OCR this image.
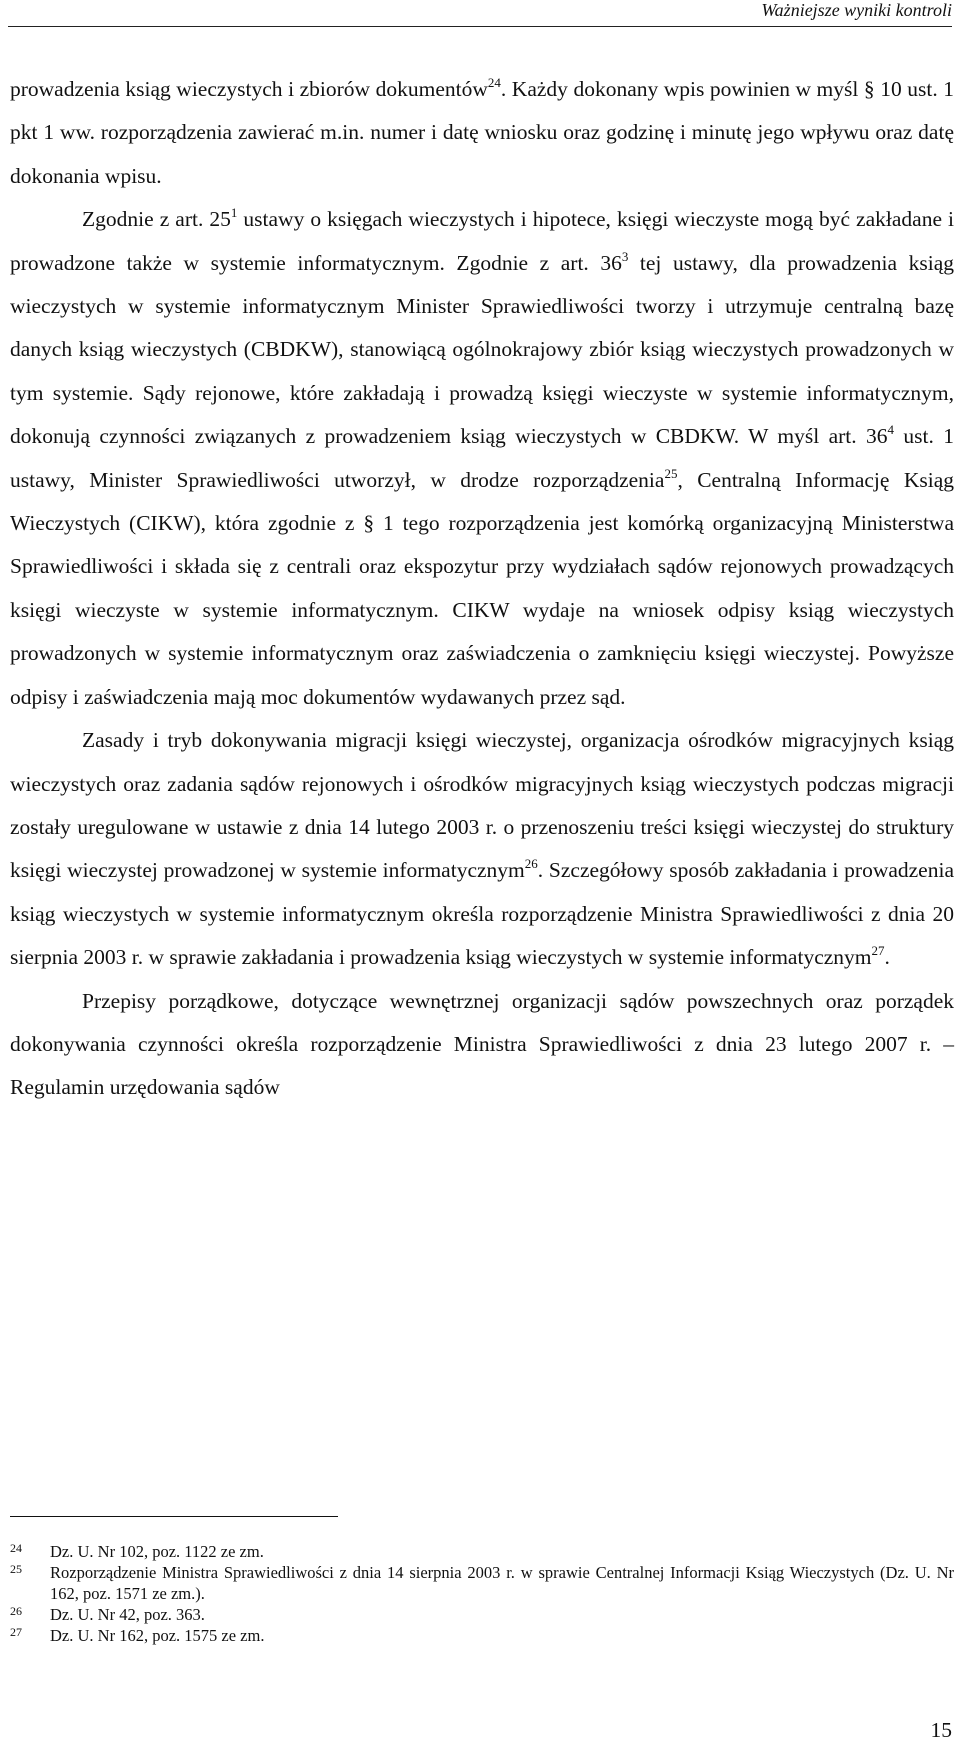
Ważniejsze wyniki kontroli

prowadzenia ksiąg wieczystych i zbiorów dokumentów$^{24}$. Każdy dokonany wpis powinien w myśl § 10 ust. 1 pkt 1 ww. rozporządzenia zawierać m.in. numer i datę wniosku oraz godzinę i minutę jego wpływu oraz datę dokonania wpisu.

Zgodnie z art. $25^1$ ustawy o księgach wieczystych i hipotece, księgi wieczyste mogą być zakładane i prowadzone także w systemie informatycznym. Zgodnie z art. $36^3$ tej ustawy, dla prowadzenia ksiąg wieczystych w systemie informatycznym Minister Sprawiedliwości tworzy i utrzymuje centralną bazę danych ksiąg wieczystych (CBDKW), stanowiącą ogólnokrajowy zbiór ksiąg wieczystych prowadzonych w tym systemie. Sądy rejonowe, które zakładają i prowadzą księgi wieczyste w systemie informatycznym, dokonują czynności związanych z prowadzeniem ksiąg wieczystych w CBDKW. W myśl art. $36^4$ ust. 1 ustawy, Minister Sprawiedliwości utworzył, w drodze rozporządzenia$^{25}$, Centralną Informację Ksiąg Wieczystych (CIKW), która zgodnie z § 1 tego rozporządzenia jest komórką organizacyjną Ministerstwa Sprawiedliwości i składa się z centrali oraz ekspozytur przy wydziałach sądów rejonowych prowadzących księgi wieczyste w systemie informatycznym. CIKW wydaje na wniosek odpisy ksiąg wieczystych prowadzonych w systemie informatycznym oraz zaświadczenia o zamknięciu księgi wieczystej. Powyższe odpisy i zaświadczenia mają moc dokumentów wydawanych przez sąd.

Zasady i tryb dokonywania migracji księgi wieczystej, organizacja ośrodków migracyjnych ksiąg wieczystych oraz zadania sądów rejonowych i ośrodków migracyjnych ksiąg wieczystych podczas migracji zostały uregulowane w ustawie z dnia 14 lutego 2003 r. o przenoszeniu treści księgi wieczystej do struktury księgi wieczystej prowadzonej w systemie informatycznym$^{26}$. Szczegółowy sposób zakładania i prowadzenia ksiąg wieczystych w systemie informatycznym określa rozporządzenie Ministra Sprawiedliwości z dnia 20 sierpnia 2003 r. w sprawie zakładania i prowadzenia ksiąg wieczystych w systemie informatycznym$^{27}$.

Przepisy porządkowe, dotyczące wewnętrznej organizacji sądów powszechnych oraz porządek dokonywania czynności określa rozporządzenie Ministra Sprawiedliwości z dnia 23 lutego 2007 r. – Regulamin urzędowania sądów

24	Dz. U. Nr 102, poz. 1122 ze zm.
25	Rozporządzenie Ministra Sprawiedliwości z dnia 14 sierpnia 2003 r. w sprawie Centralnej Informacji Ksiąg Wieczystych (Dz. U. Nr 162, poz. 1571 ze zm.).
26	Dz. U. Nr 42, poz. 363.
27	Dz. U. Nr 162, poz. 1575 ze zm.
15
